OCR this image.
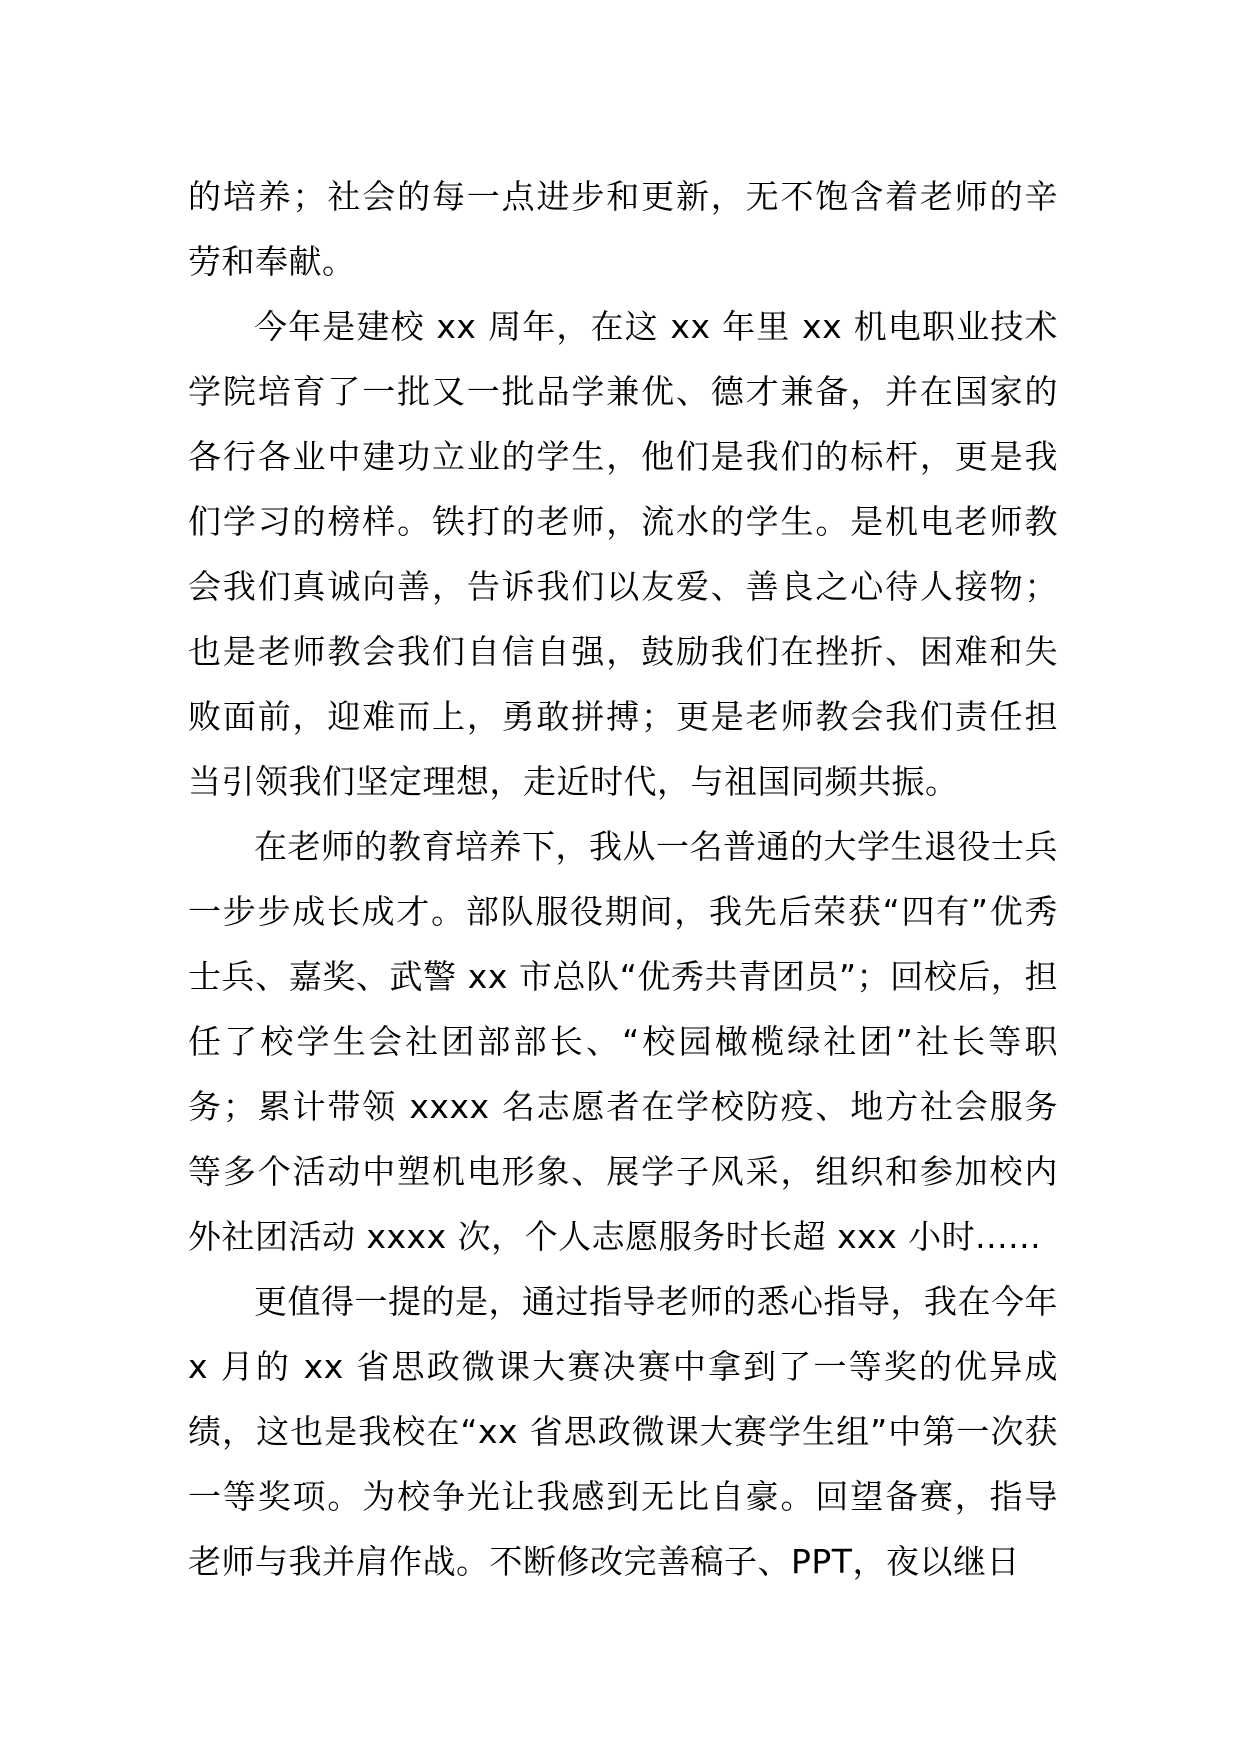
的培养；社会的每一点进步和更新，无不饱含着老师的辛劳和奉献。

今年是建校 xx 周年，在这 xx 年里 xx 机电职业技术学院培育了一批又一批品学兼优、德才兼备，并在国家的各行各业中建功立业的学生，他们是我们的标杆，更是我们学习的榜样。铁打的老师，流水的学生。是机电老师教会我们真诚向善，告诉我们以友爱、善良之心待人接物；也是老师教会我们自信自强，鼓励我们在挫折、困难和失败面前，迎难而上，勇敢拼搏；更是老师教会我们责任担当引领我们坚定理想，走近时代，与祖国同频共振。

在老师的教育培养下，我从一名普通的大学生退役士兵一步步成长成才。部队服役期间，我先后荣获“四有”优秀士兵、嘉奖、武警 xx 市总队“优秀共青团员”；回校后，担任了校学生会社团部部长、“校园橄榄绿社团”社长等职务；累计带领 xxxx 名志愿者在学校防疫、地方社会服务等多个活动中塑机电形象、展学子风采，组织和参加校内外社团活动 xxxx 次，个人志愿服务时长超 xxx 小时......

更值得一提的是，通过指导老师的悉心指导，我在今年 x 月的 xx 省思政微课大赛决赛中拿到了一等奖的优异成绩，这也是我校在“xx 省思政微课大赛学生组”中第一次获一等奖项。为校争光让我感到无比自豪。回望备赛，指导老师与我并肩作战。不断修改完善稿子、PPT，夜以继日
